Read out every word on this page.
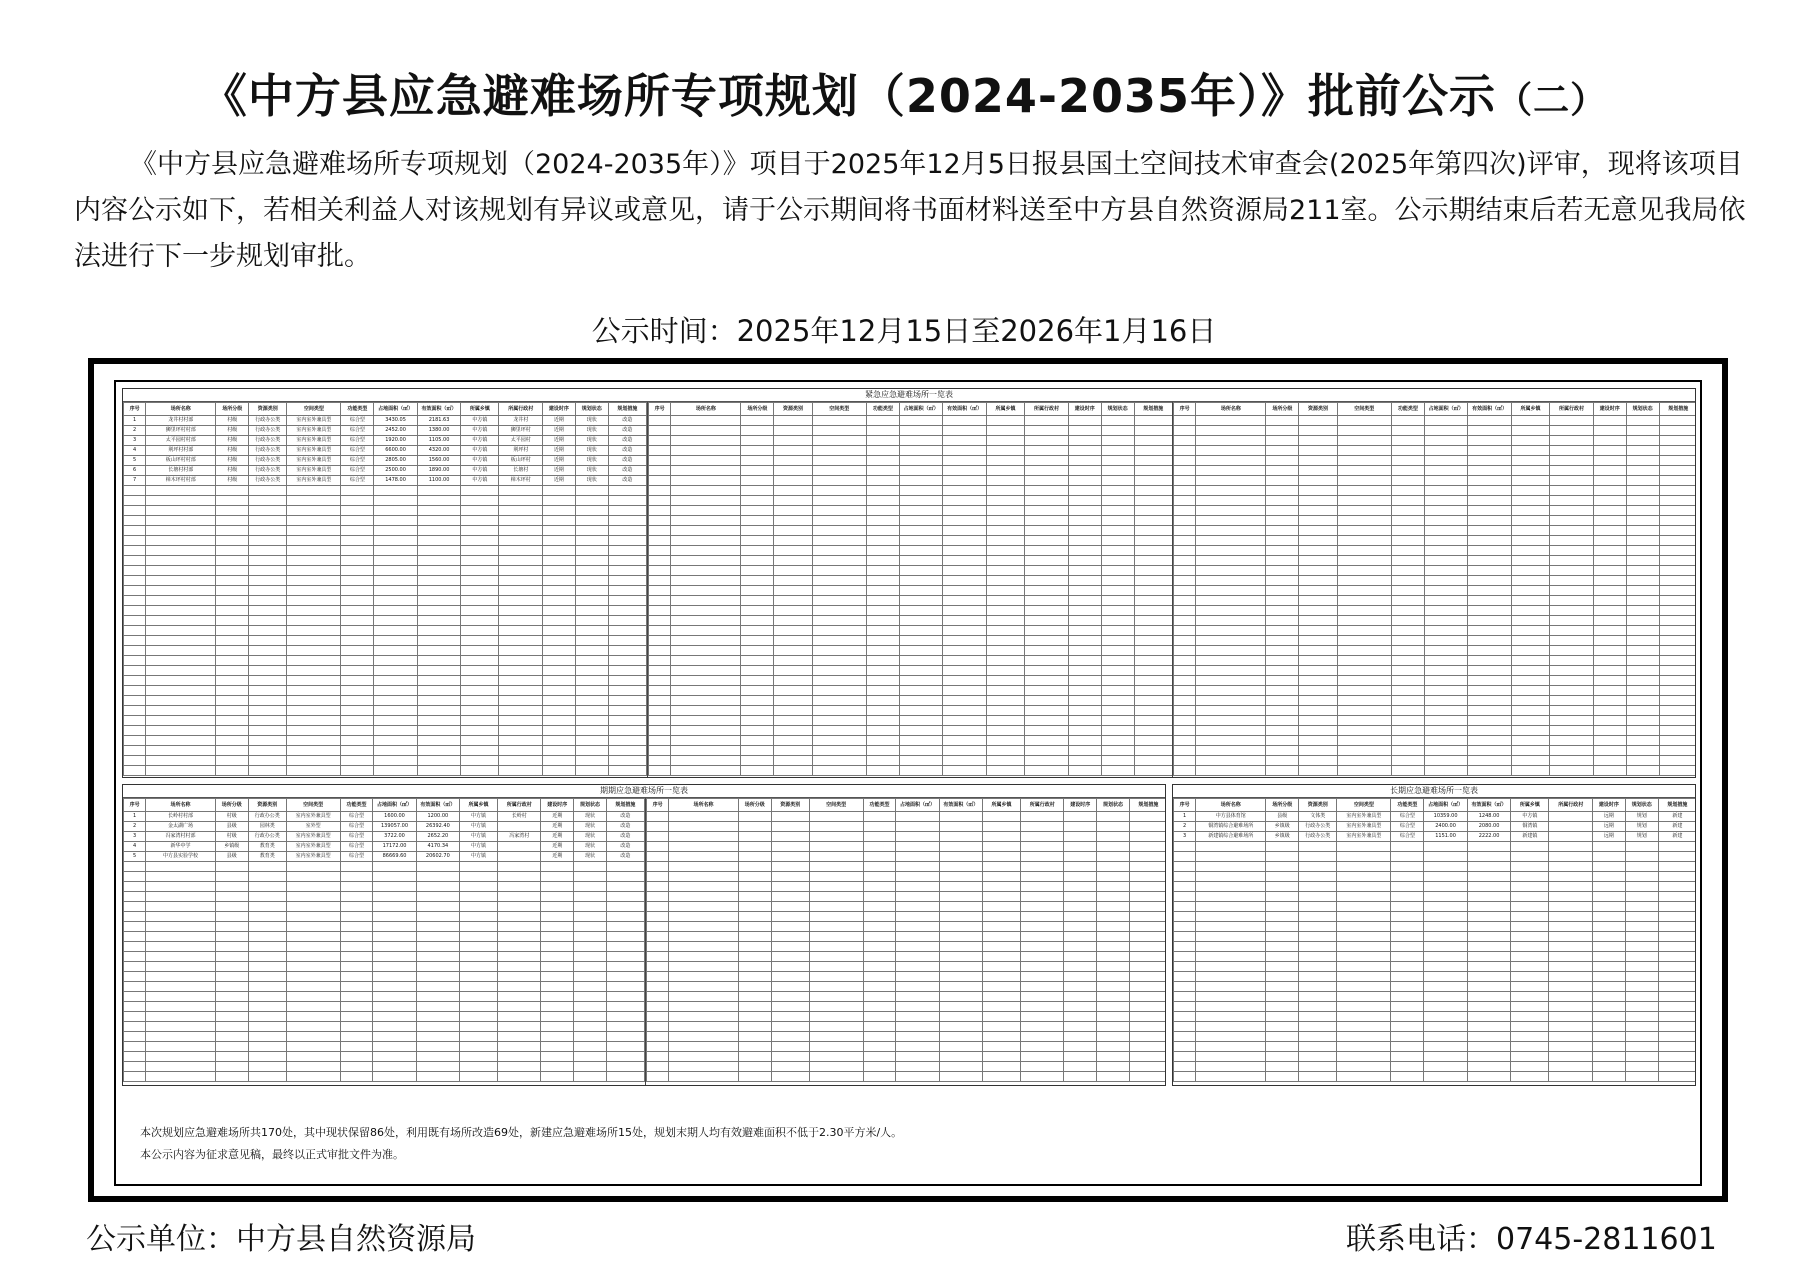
《中方县应急避难场所专项规划（2024-2035年）》批前公示（二）
《中方县应急避难场所专项规划（2024-2035年）》项目于2025年12月5日报县国土空间技术审查会(2025年第四次)评审，现将该项目内容公示如下，若相关利益人对该规划有异议或意见，请于公示期间将书面材料送至中方县自然资源局211室。公示期结束后若无意见我局依法进行下一步规划审批。
公示时间：2025年12月15日至2026年1月16日
紧急应急避难场所一览表
序号	场所名称	场所分级	资源类别	空间类型	功能类型	占地面积（㎡）	有效面积（㎡）	所属乡镇	所属行政村	建设时序	规划状态	规划措施
1	龙井村村部	村级	行政办公类	室内室外兼具型	综合型	3430.05	2181.63	中方镇	龙井村	近期	现状	改造
2	狮里坪村村部	村级	行政办公类	室内室外兼具型	综合型	2452.00	1380.00	中方镇	狮里坪村	近期	现状	改造
3	太平园村村部	村级	行政办公类	室内室外兼具型	综合型	1920.00	1105.00	中方镇	太平园村	近期	现状	改造
4	荆坪村村部	村级	行政办公类	室内室外兼具型	综合型	6600.00	4320.00	中方镇	荆坪村	近期	现状	改造
5	板山坪村村部	村级	行政办公类	室内室外兼具型	综合型	2805.00	1560.00	中方镇	板山坪村	近期	现状	改造
6	长塘村村部	村级	行政办公类	室内室外兼具型	综合型	2500.00	1890.00	中方镇	长塘村	近期	现状	改造
7	樟木坪村村部	村级	行政办公类	室内室外兼具型	综合型	1478.00	1100.00	中方镇	樟木坪村	近期	现状	改造

序号	场所名称	场所分级	资源类别	空间类型	功能类型	占地面积（㎡）	有效面积（㎡）	所属乡镇	所属行政村	建设时序	规划状态	规划措施

													序号	场所名称	场所分级	资源类别	空间类型	功能类型	占地面积（㎡）	有效面积（㎡）	所属乡镇	所属行政村	建设时序	规划状态	规划措施

期期应急避难场所一览表
序号	场所名称	场所分级	资源类别	空间类型	功能类型	占地面积（㎡）	有效面积（㎡）	所属乡镇	所属行政村	建设时序	规划状态	规划措施
1	长岭村村部	村级	行政办公类	室内室外兼具型	综合型	1600.00	1200.00	中方镇	长岭村	近期	现状	改造
2	金太湖广场	县级	园林类	室外型	综合型	139057.00	26392.40	中方镇		近期	现状	改造
3	冯家湾村村部	村级	行政办公类	室内室外兼具型	综合型	3722.00	2652.20	中方镇	冯家湾村	近期	现状	改造
4	新华中学	乡镇级	教育类	室内室外兼具型	综合型	17172.00	4170.34	中方镇		近期	现状	改造
5	中方县实验学校	县级	教育类	室内室外兼具型	综合型	86669.60	20602.70	中方镇		近期	现状	改造

序号	场所名称	场所分级	资源类别	空间类型	功能类型	占地面积（㎡）	有效面积（㎡）	所属乡镇	所属行政村	建设时序	规划状态	规划措施

长期应急避难场所一览表
序号	场所名称	场所分级	资源类别	空间类型	功能类型	占地面积（㎡）	有效面积（㎡）	所属乡镇	所属行政村	建设时序	规划状态	规划措施
1	中方县体育馆	县级	文体类	室内室外兼具型	综合型	10359.00	1248.00	中方镇		远期	规划	新建
2	铜湾镇综合避难场所	乡镇级	行政办公类	室内室外兼具型	综合型	2400.00	2080.00	铜湾镇		远期	规划	新建
3	新建镇综合避难场所	乡镇级	行政办公类	室内室外兼具型	综合型	1151.00	2222.00	新建镇		远期	规划	新建

本次规划应急避难场所共170处，其中现状保留86处，利用既有场所改造69处，新建应急避难场所15处，规划末期人均有效避难面积不低于2.30平方米/人。
本公示内容为征求意见稿，最终以正式审批文件为准。
公示单位：中方县自然资源局	联系电话：0745-2811601
